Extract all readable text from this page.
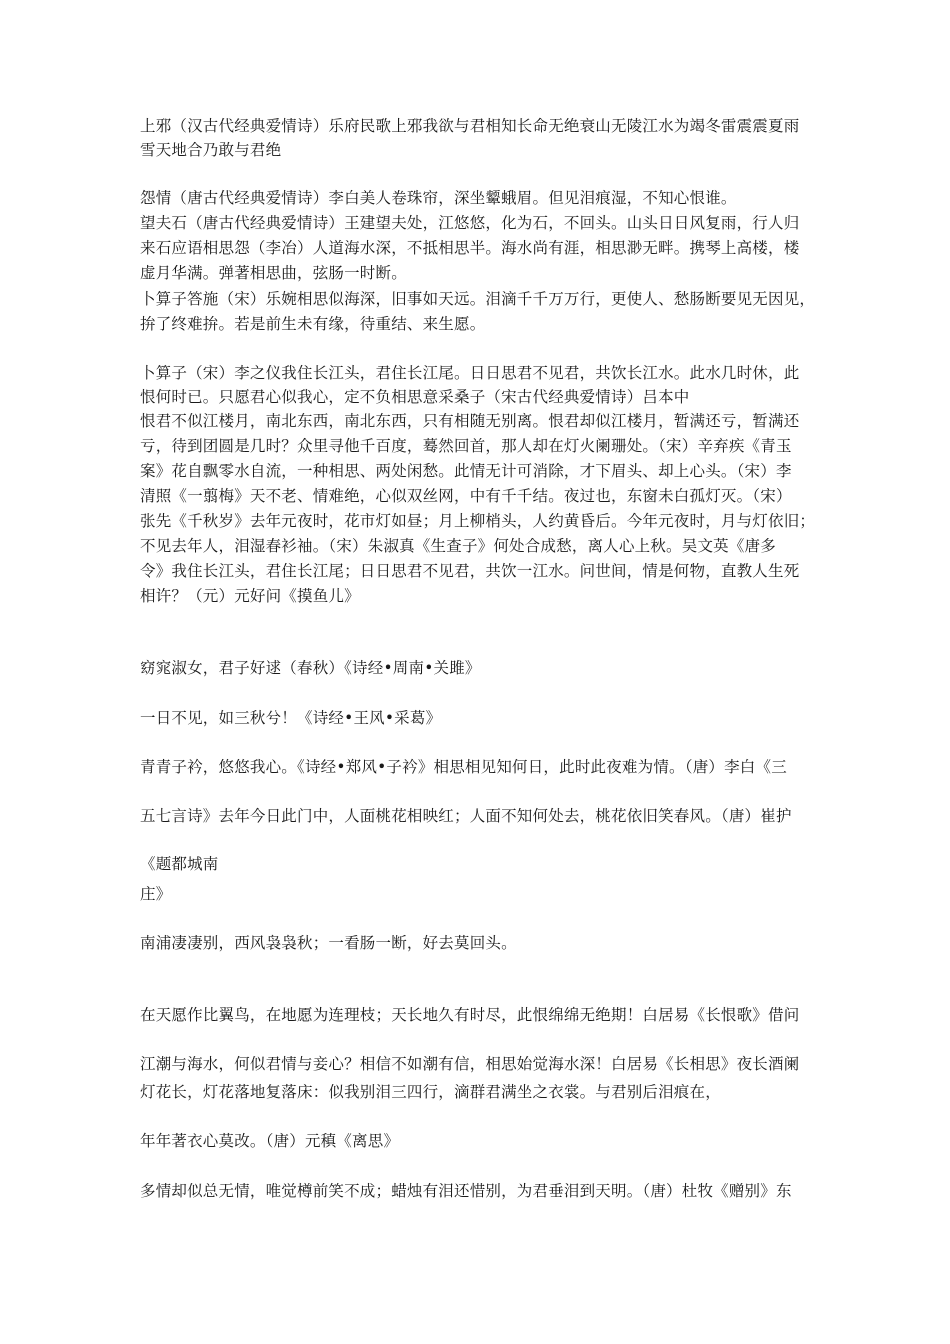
上邪（汉古代经典爱情诗）乐府民歌上邪我欲与君相知长命无绝衰山无陵江水为竭冬雷震震夏雨
雪天地合乃敢与君绝
怨情（唐古代经典爱情诗）李白美人卷珠帘，深坐颦蛾眉。但见泪痕湿，不知心恨谁。
望夫石（唐古代经典爱情诗）王建望夫处，江悠悠，化为石，不回头。山头日日风复雨，行人归
来石应语相思怨（李冶）人道海水深，不抵相思半。海水尚有涯，相思渺无畔。携琴上高楼，楼
虚月华满。弹著相思曲，弦肠一时断。
卜算子答施（宋）乐婉相思似海深，旧事如天远。泪滴千千万万行，更使人、愁肠断要见无因见，
拚了终难拚。若是前生未有缘，待重结、来生愿。
卜算子（宋）李之仪我住长江头，君住长江尾。日日思君不见君，共饮长江水。此水几时休，此
恨何时已。只愿君心似我心，定不负相思意采桑子（宋古代经典爱情诗）吕本中
恨君不似江楼月，南北东西，南北东西，只有相随无别离。恨君却似江楼月，暂满还亏，暂满还
亏，待到团圆是几时？众里寻他千百度，蓦然回首，那人却在灯火阑珊处。（宋）辛弃疾《青玉
案》花自飘零水自流，一种相思、两处闲愁。此情无计可消除，才下眉头、却上心头。（宋）李
清照《一翦梅》天不老、情难绝，心似双丝网，中有千千结。夜过也，东窗未白孤灯灭。（宋）
张先《千秋岁》去年元夜时，花市灯如昼；月上柳梢头，人约黄昏后。今年元夜时，月与灯依旧；
不见去年人，泪湿春衫袖。（宋）朱淑真《生查子》何处合成愁，离人心上秋。吴文英《唐多
令》我住长江头，君住长江尾；日日思君不见君，共饮一江水。问世间，情是何物，直教人生死
相许？（元）元好问《摸鱼儿》
窈窕淑女，君子好逑（春秋）《诗经•周南•关雎》
一日不见，如三秋兮！《诗经•王风•采葛》
青青子衿，悠悠我心。《诗经•郑风•子衿》相思相见知何日，此时此夜难为情。（唐）李白《三
五七言诗》去年今日此门中，人面桃花相映红；人面不知何处去，桃花依旧笑春风。（唐）崔护
《题都城南
庄》
南浦凄凄别，西风袅袅秋；一看肠一断，好去莫回头。
在天愿作比翼鸟，在地愿为连理枝；天长地久有时尽，此恨绵绵无绝期！白居易《长恨歌》借问
江潮与海水，何似君情与妾心？相信不如潮有信，相思始觉海水深！白居易《长相思》夜长酒阑
灯花长，灯花落地复落床：似我别泪三四行，滴群君满坐之衣裳。与君别后泪痕在，
年年著衣心莫改。（唐）元稹《离思》
多情却似总无情，唯觉樽前笑不成；蜡烛有泪还惜别，为君垂泪到天明。（唐）杜牧《赠别》东
